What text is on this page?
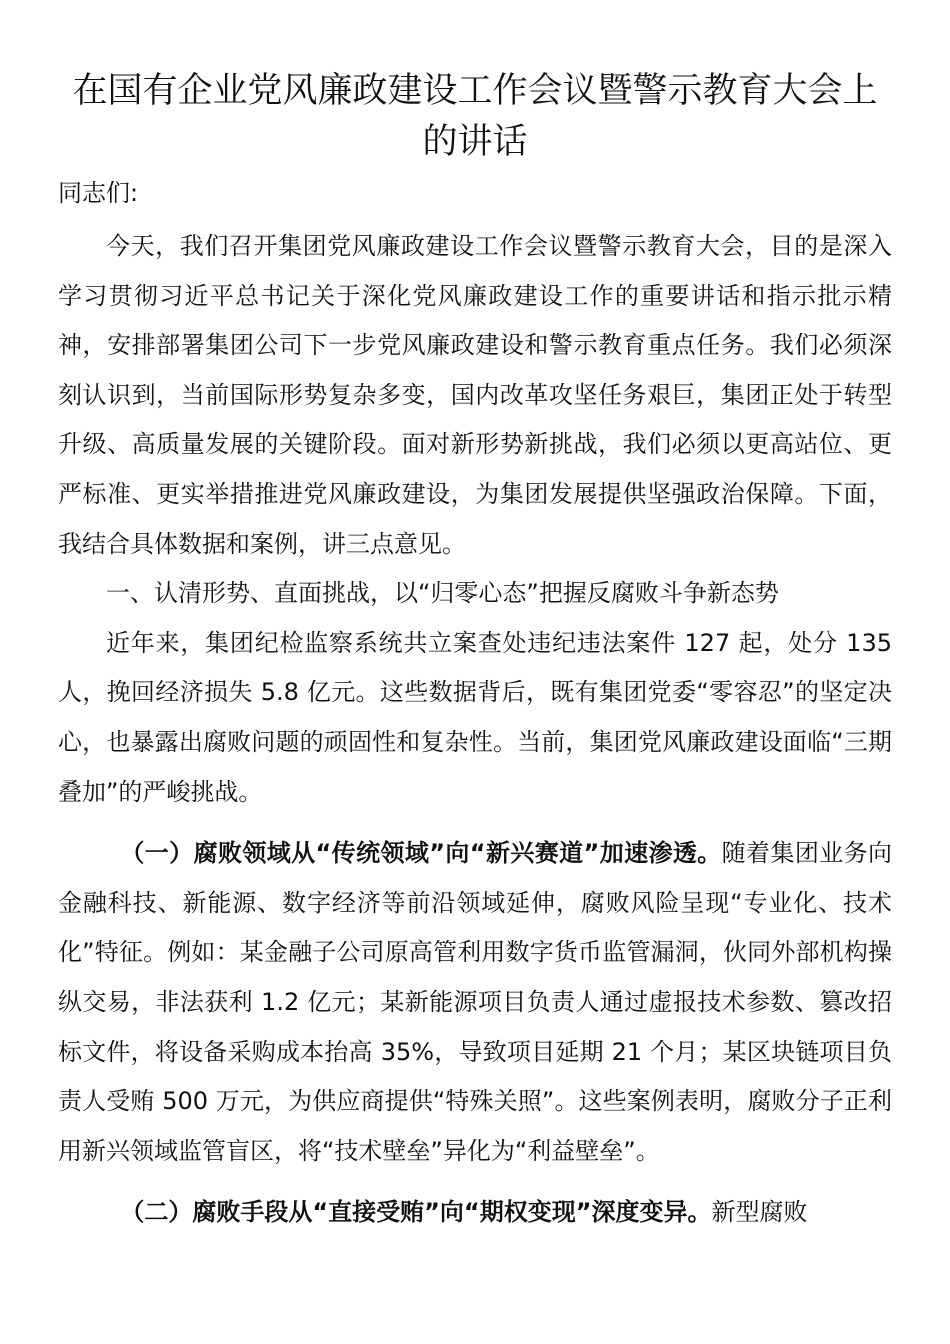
在国有企业党风廉政建设工作会议暨警示教育大会上的讲话

同志们:

今天，我们召开集团党风廉政建设工作会议暨警示教育大会，目的是深入学习贯彻习近平总书记关于深化党风廉政建设工作的重要讲话和指示批示精神，安排部署集团公司下一步党风廉政建设和警示教育重点任务。我们必须深刻认识到，当前国际形势复杂多变，国内改革攻坚任务艰巨，集团正处于转型升级、高质量发展的关键阶段。面对新形势新挑战，我们必须以更高站位、更严标准、更实举措推进党风廉政建设，为集团发展提供坚强政治保障。下面，我结合具体数据和案例，讲三点意见。

一、认清形势、直面挑战，以“归零心态”把握反腐败斗争新态势

近年来，集团纪检监察系统共立案查处违纪违法案件 127 起，处分 135 人，挽回经济损失 5.8 亿元。这些数据背后，既有集团党委“零容忍”的坚定决心，也暴露出腐败问题的顽固性和复杂性。当前，集团党风廉政建设面临“三期叠加”的严峻挑战。

（一）腐败领域从“传统领域”向“新兴赛道”加速渗透。随着集团业务向金融科技、新能源、数字经济等前沿领域延伸，腐败风险呈现“专业化、技术化”特征。例如：某金融子公司原高管利用数字货币监管漏洞，伙同外部机构操纵交易，非法获利 1.2 亿元；某新能源项目负责人通过虚报技术参数、篡改招标文件，将设备采购成本抬高 35%，导致项目延期 21 个月；某区块链项目负责人受贿 500 万元，为供应商提供“特殊关照”。这些案例表明，腐败分子正利用新兴领域监管盲区，将“技术壁垒”异化为“利益壁垒”。

（二）腐败手段从“直接受贿”向“期权变现”深度变异。新型腐败
